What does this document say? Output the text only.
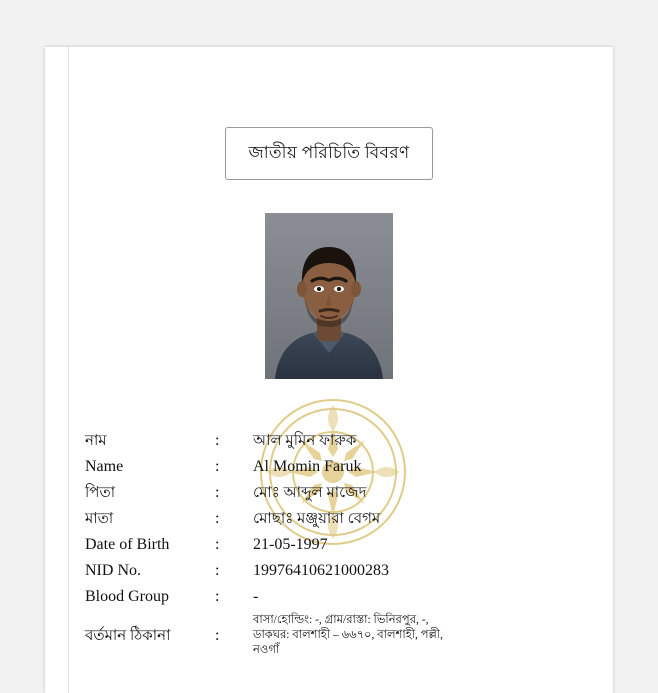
জাতীয় পরিচিতি বিবরণ
নাম	:	আল মুমিন ফারুক
Name	:	Al Momin Faruk
পিতা	:	মোঃ আব্দুল মাজেদ
মাতা	:	মোছাঃ মঞ্জুয়ারা বেগম
Date of Birth	:	21-05-1997
NID No.	:	19976410621000283
Blood Group	:	-
বর্তমান ঠিকানা	:
বাসা/হোল্ডিং: -, গ্রাম/রাস্তা: ভিনিরপুর, -,
ডাকঘর: বালশাহী – ৬৬৭০, বালশাহী, পল্লী,
নওগাঁ
